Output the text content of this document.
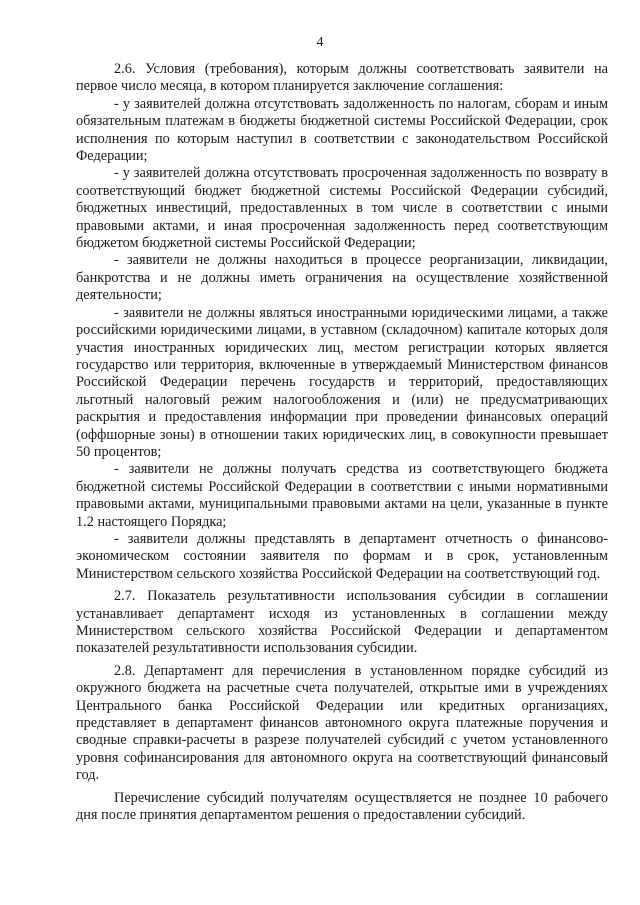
4

2.6. Условия (требования), которым должны соответствовать заявители на первое число месяца, в котором планируется заключение соглашения:

- у заявителей должна отсутствовать задолженность по налогам, сборам и иным обязательным платежам в бюджеты бюджетной системы Российской Федерации, срок исполнения по которым наступил в соответствии с законодательством Российской Федерации;

- у заявителей должна отсутствовать просроченная задолженность по возврату в соответствующий бюджет бюджетной системы Российской Федерации субсидий, бюджетных инвестиций, предоставленных в том числе в соответствии с иными правовыми актами, и иная просроченная задолженность перед соответствующим бюджетом бюджетной системы Российской Федерации;

- заявители не должны находиться в процессе реорганизации, ликвидации, банкротства и не должны иметь ограничения на осуществление хозяйственной деятельности;

- заявители не должны являться иностранными юридическими лицами, а также российскими юридическими лицами, в уставном (складочном) капитале которых доля участия иностранных юридических лиц, местом регистрации которых является государство или территория, включенные в утверждаемый Министерством финансов Российской Федерации перечень государств и территорий, предоставляющих льготный налоговый режим налогообложения и (или) не предусматривающих раскрытия и предоставления информации при проведении финансовых операций (оффшорные зоны) в отношении таких юридических лиц, в совокупности превышает 50 процентов;

- заявители не должны получать средства из соответствующего бюджета бюджетной системы Российской Федерации в соответствии с иными нормативными правовыми актами, муниципальными правовыми актами на цели, указанные в пункте 1.2 настоящего Порядка;

- заявители должны представлять в департамент отчетность о финансово-экономическом состоянии заявителя по формам и в срок, установленным Министерством сельского хозяйства Российской Федерации на соответствующий год.

2.7. Показатель результативности использования субсидии в соглашении устанавливает департамент исходя из установленных в соглашении между Министерством сельского хозяйства Российской Федерации и департаментом показателей результативности использования субсидии.

2.8. Департамент для перечисления в установленном порядке субсидий из окружного бюджета на расчетные счета получателей, открытые ими в учреждениях Центрального банка Российской Федерации или кредитных организациях, представляет в департамент финансов автономного округа платежные поручения и сводные справки-расчеты в разрезе получателей субсидий с учетом установленного уровня софинансирования для автономного округа на соответствующий финансовый год.

Перечисление субсидий получателям осуществляется не позднее 10 рабочего дня после принятия департаментом решения о предоставлении субсидий.
